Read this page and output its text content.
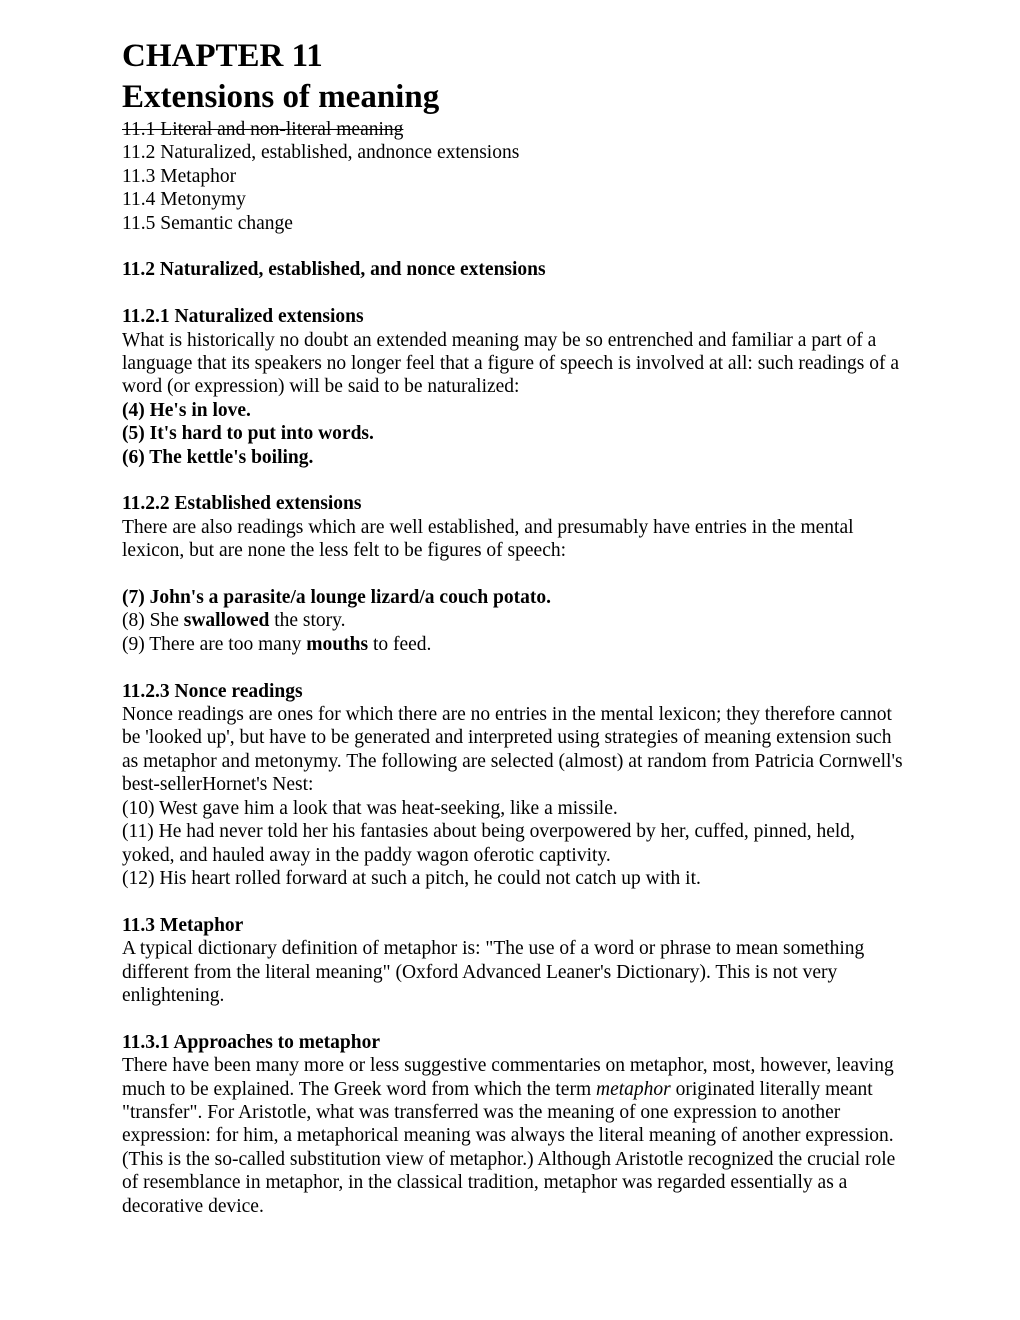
CHAPTER 11
Extensions of meaning

11.1 Literal and non-literal meaning

11.2 Naturalized, established, andnonce extensions

11.3 Metaphor

11.4 Metonymy

11.5 Semantic change

11.2 Naturalized, established, and nonce extensions

11.2.1 Naturalized extensions

What is historically no doubt an extended meaning may be so entrenched and familiar a part of a language that its speakers no longer feel that a figure of speech is involved at all: such readings of a word (or expression) will be said to be naturalized:

(4) He's in love.

(5) It's hard to put into words.

(6) The kettle's boiling.

11.2.2 Established extensions

There are also readings which are well established, and presumably have entries in the mental lexicon, but are none the less felt to be figures of speech:

(7) John's a parasite/a lounge lizard/a couch potato.

(8) She swallowed the story.

(9) There are too many mouths to feed.

11.2.3 Nonce readings

Nonce readings are ones for which there are no entries in the mental lexicon; they therefore cannot be 'looked up', but have to be generated and interpreted using strategies of meaning extension such as metaphor and metonymy. The following are selected (almost) at random from Patricia Cornwell's best-sellerHornet's Nest:

(10) West gave him a look that was heat-seeking, like a missile.

(11) He had never told her his fantasies about being overpowered by her, cuffed, pinned, held, yoked, and hauled away in the paddy wagon oferotic captivity.

(12) His heart rolled forward at such a pitch, he could not catch up with it.

11.3 Metaphor

A typical dictionary definition of metaphor is: "The use of a word or phrase to mean something different from the literal meaning" (Oxford Advanced Leaner's Dictionary). This is not very enlightening.

11.3.1 Approaches to metaphor

There have been many more or less suggestive commentaries on metaphor, most, however, leaving much to be explained. The Greek word from which the term metaphor originated literally meant "transfer". For Aristotle, what was transferred was the meaning of one expression to another expression: for him, a metaphorical meaning was always the literal meaning of another expression. (This is the so-called substitution view of metaphor.) Although Aristotle recognized the crucial role of resemblance in metaphor, in the classical tradition, metaphor was regarded essentially as a decorative device.
